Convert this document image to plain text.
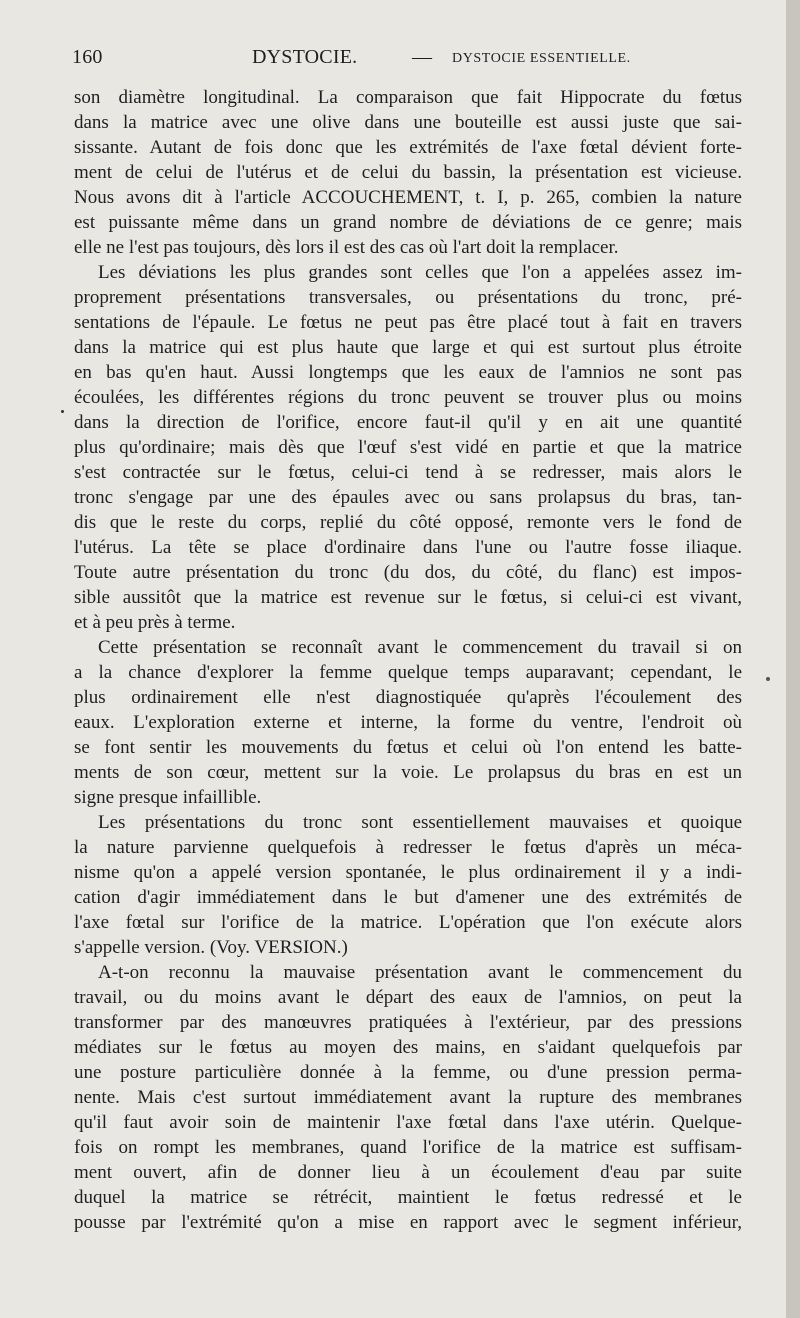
160	DYSTOCIE.	— DYSTOCIE ESSENTIELLE.
son diamètre longitudinal. La comparaison que fait Hippocrate du fœtus
dans la matrice avec une olive dans une bouteille est aussi juste que sai-
sissante. Autant de fois donc que les extrémités de l'axe fœtal dévient forte-
ment de celui de l'utérus et de celui du bassin, la présentation est vicieuse.
Nous avons dit à l'article ACCOUCHEMENT, t. I, p. 265, combien la nature
est puissante même dans un grand nombre de déviations de ce genre; mais
elle ne l'est pas toujours, dès lors il est des cas où l'art doit la remplacer.
Les déviations les plus grandes sont celles que l'on a appelées assez im-
proprement présentations transversales, ou présentations du tronc, pré-
sentations de l'épaule. Le fœtus ne peut pas être placé tout à fait en travers
dans la matrice qui est plus haute que large et qui est surtout plus étroite
en bas qu'en haut. Aussi longtemps que les eaux de l'amnios ne sont pas
écoulées, les différentes régions du tronc peuvent se trouver plus ou moins
dans la direction de l'orifice, encore faut-il qu'il y en ait une quantité
plus qu'ordinaire; mais dès que l'œuf s'est vidé en partie et que la matrice
s'est contractée sur le fœtus, celui-ci tend à se redresser, mais alors le
tronc s'engage par une des épaules avec ou sans prolapsus du bras, tan-
dis que le reste du corps, replié du côté opposé, remonte vers le fond de
l'utérus. La tête se place d'ordinaire dans l'une ou l'autre fosse iliaque.
Toute autre présentation du tronc (du dos, du côté, du flanc) est impos-
sible aussitôt que la matrice est revenue sur le fœtus, si celui-ci est vivant,
et à peu près à terme.
Cette présentation se reconnaît avant le commencement du travail si on
a la chance d'explorer la femme quelque temps auparavant; cependant, le
plus ordinairement elle n'est diagnostiquée qu'après l'écoulement des
eaux. L'exploration externe et interne, la forme du ventre, l'endroit où
se font sentir les mouvements du fœtus et celui où l'on entend les batte-
ments de son cœur, mettent sur la voie. Le prolapsus du bras en est un
signe presque infaillible.
Les présentations du tronc sont essentiellement mauvaises et quoique
la nature parvienne quelquefois à redresser le fœtus d'après un méca-
nisme qu'on a appelé version spontanée, le plus ordinairement il y a indi-
cation d'agir immédiatement dans le but d'amener une des extrémités de
l'axe fœtal sur l'orifice de la matrice. L'opération que l'on exécute alors
s'appelle version. (Voy. VERSION.)
A-t-on reconnu la mauvaise présentation avant le commencement du
travail, ou du moins avant le départ des eaux de l'amnios, on peut la
transformer par des manœuvres pratiquées à l'extérieur, par des pressions
médiates sur le fœtus au moyen des mains, en s'aidant quelquefois par
une posture particulière donnée à la femme, ou d'une pression perma-
nente. Mais c'est surtout immédiatement avant la rupture des membranes
qu'il faut avoir soin de maintenir l'axe fœtal dans l'axe utérin. Quelque-
fois on rompt les membranes, quand l'orifice de la matrice est suffisam-
ment ouvert, afin de donner lieu à un écoulement d'eau par suite
duquel la matrice se rétrécit, maintient le fœtus redressé et le
pousse par l'extrémité qu'on a mise en rapport avec le segment inférieur,
